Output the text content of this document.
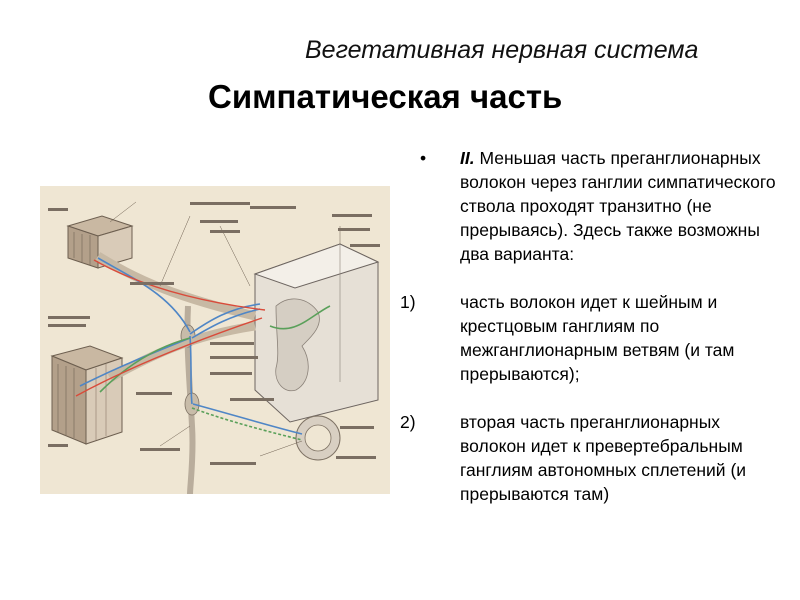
Вегетативная нервная система
Симпатическая часть
•	II. Меньшая часть преганглионарных волокон через ганглии симпатического ствола проходят транзитно (не прерываясь). Здесь также возможны два варианта:
1)	часть волокон идет к шейным и крестцовым ганглиям по межганглионарным ветвям (и там прерываются);
2)	вторая часть преганглионарных волокон идет к превертебральным ганглиям автономных сплетений (и прерываются там)
